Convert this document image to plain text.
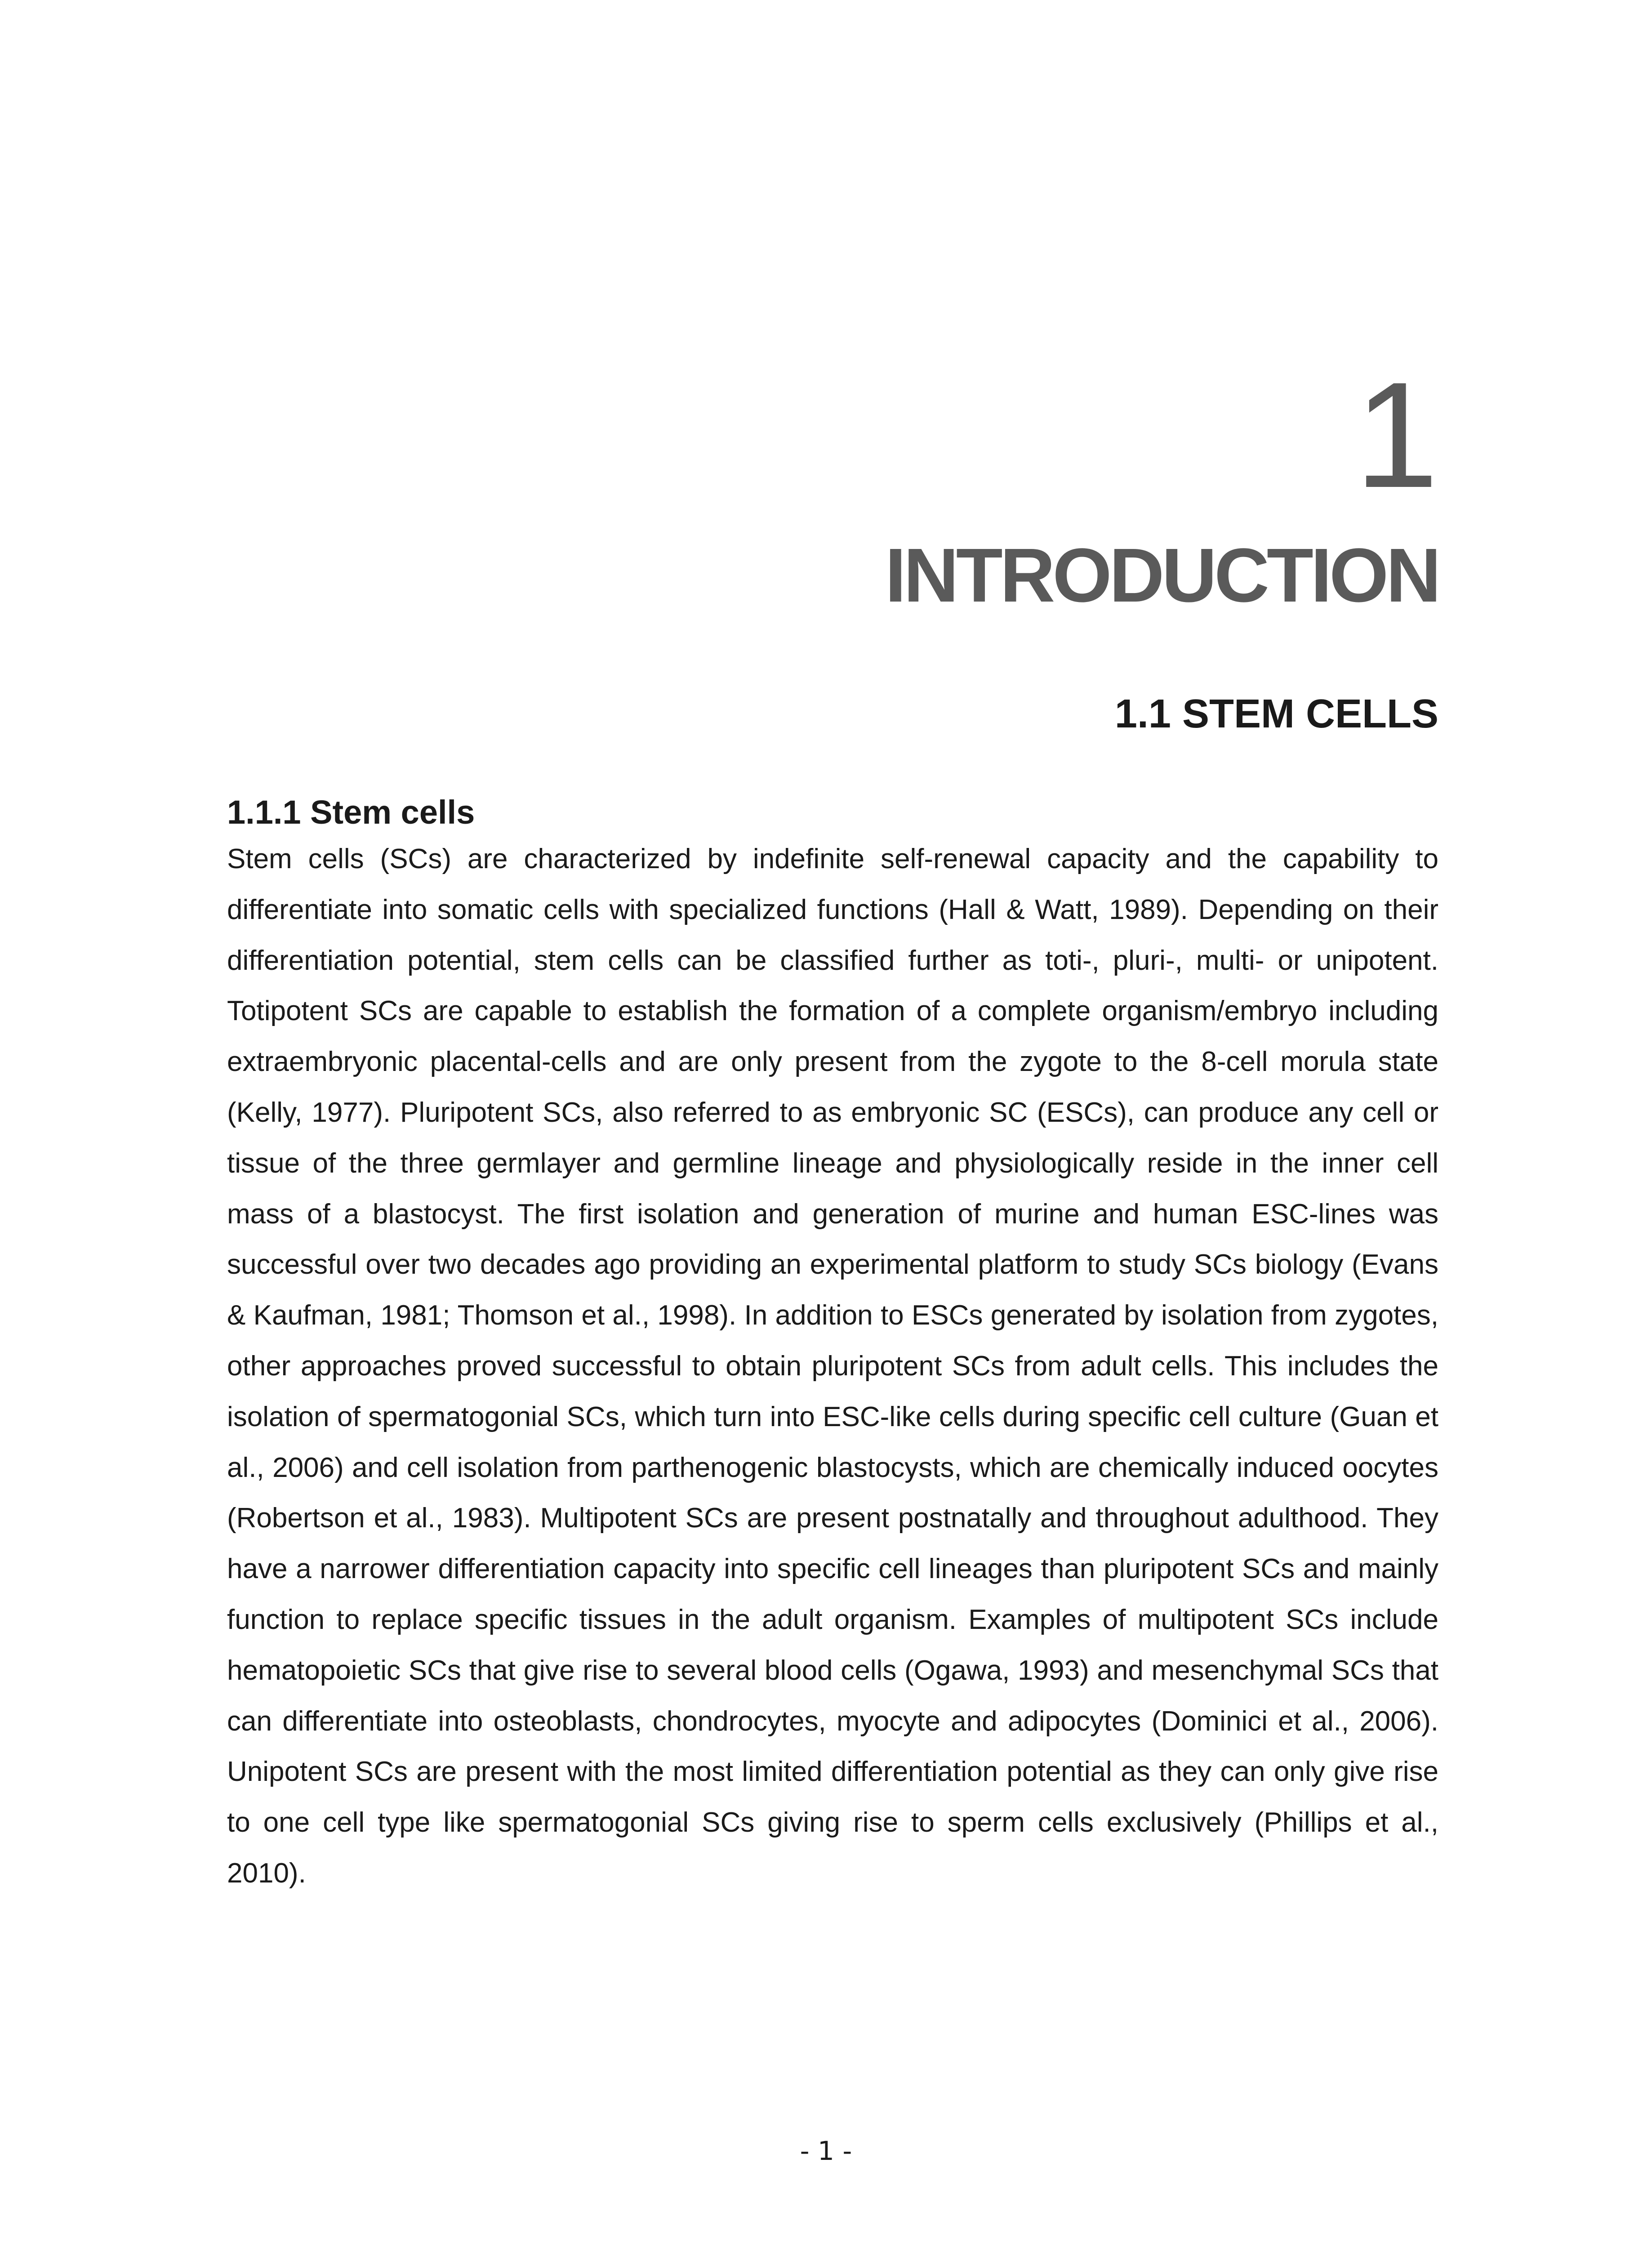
1
INTRODUCTION
1.1 STEM CELLS
1.1.1 Stem cells

Stem cells (SCs) are characterized by indefinite self-renewal capacity and the capability to differentiate into somatic cells with specialized functions (Hall & Watt, 1989). Depending on their differentiation potential, stem cells can be classified further as toti-, pluri-, multi- or unipotent. Totipotent SCs are capable to establish the formation of a complete organism/embryo including extraembryonic placental-cells and are only present from the zygote to the 8-cell morula state (Kelly, 1977). Pluripotent SCs, also referred to as embryonic SC (ESCs), can produce any cell or tissue of the three germlayer and germline lineage and physiologically reside in the inner cell mass of a blastocyst. The first isolation and generation of murine and human ESC-lines was successful over two decades ago providing an experimental platform to study SCs biology (Evans & Kaufman, 1981; Thomson et al., 1998). In addition to ESCs generated by isolation from zygotes, other approaches proved successful to obtain pluripotent SCs from adult cells. This includes the isolation of spermatogonial SCs, which turn into ESC-like cells during specific cell culture (Guan et al., 2006) and cell isolation from parthenogenic blastocysts, which are chemically induced oocytes (Robertson et al., 1983). Multipotent SCs are present postnatally and throughout adulthood. They have a narrower differentiation capacity into specific cell lineages than pluripotent SCs and mainly function to replace specific tissues in the adult organism. Examples of multipotent SCs include hematopoietic SCs that give rise to several blood cells (Ogawa, 1993) and mesenchymal SCs that can differentiate into osteoblasts, chondrocytes, myocyte and adipocytes (Dominici et al., 2006). Unipotent SCs are present with the most limited differentiation potential as they can only give rise to one cell type like spermatogonial SCs giving rise to sperm cells exclusively (Phillips et al., 2010).

- 1 -
